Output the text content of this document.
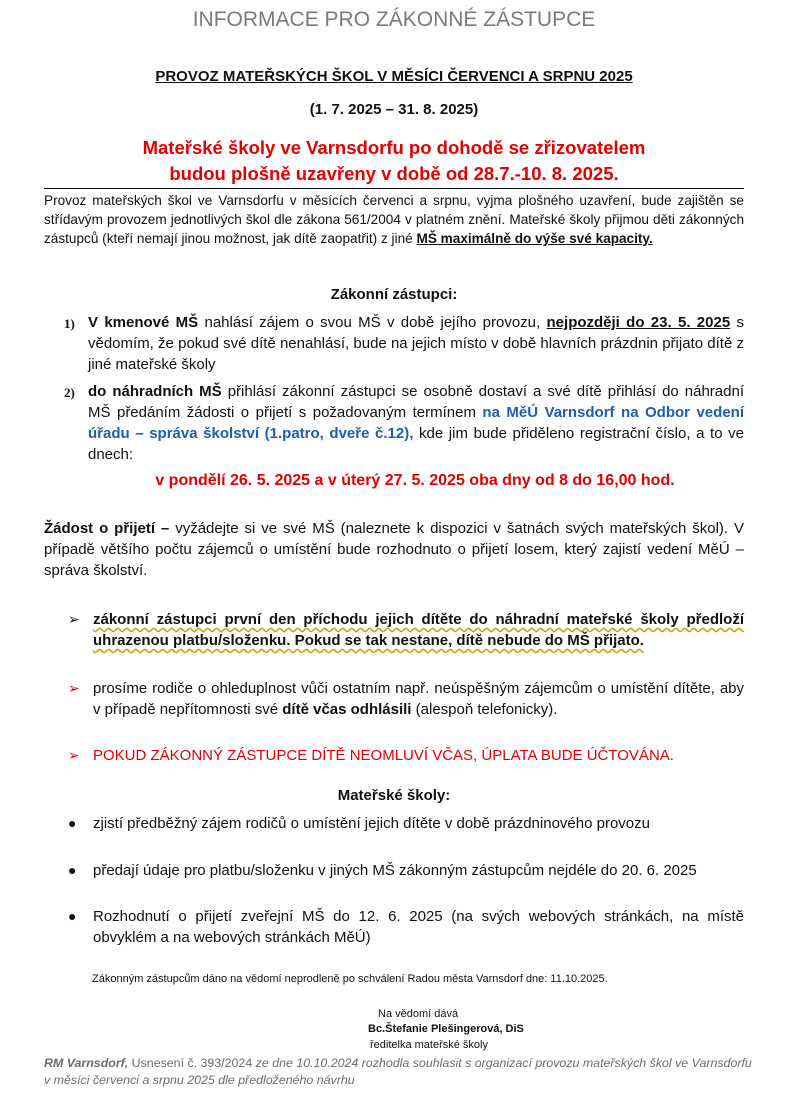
INFORMACE PRO ZÁKONNÉ ZÁSTUPCE
PROVOZ MATEŘSKÝCH ŠKOL V MĚSÍCI ČERVENCI A SRPNU 2025
(1. 7. 2025 – 31. 8. 2025)
Mateřské školy ve Varnsdorfu po dohodě se zřizovatelem
budou plošně uzavřeny v době od 28.7.-10. 8. 2025.
Provoz mateřských škol ve Varnsdorfu v měsících červenci a srpnu, vyjma plošného uzavření, bude zajištěn se střídavým provozem jednotlivých škol dle zákona 561/2004 v platném znění. Mateřské školy přijmou děti zákonných zástupců (kteří nemají jinou možnost, jak dítě zaopatřit) z jiné MŠ maximálně do výše své kapacity.
Zákonní zástupci:
1) V kmenové MŠ nahlásí zájem o svou MŠ v době jejího provozu, nejpozději do 23. 5. 2025 s vědomím, že pokud své dítě nenahlásí, bude na jejich místo v době hlavních prázdnin přijato dítě z jiné mateřské školy
2) do náhradních MŠ přihlásí zákonní zástupci se osobně dostaví a své dítě přihlásí do náhradní MŠ předáním žádosti o přijetí s požadovaným termínem na MěÚ Varnsdorf na Odbor vedení úřadu – správa školství (1.patro, dveře č.12), kde jim bude přiděleno registrační číslo, a to ve dnech:
v pondělí 26. 5. 2025 a v úterý 27. 5. 2025 oba dny od 8 do 16,00 hod.
Žádost o přijetí – vyžádejte si ve své MŠ (naleznete k dispozici v šatnách svých mateřských škol). V případě většího počtu zájemců o umístění bude rozhodnuto o přijetí losem, který zajistí vedení MěÚ – správa školství.
➢ zákonní zástupci první den příchodu jejich dítěte do náhradní mateřské školy předloží uhrazenou platbu/složenku. Pokud se tak nestane, dítě nebude do MŠ přijato.
➢ prosíme rodiče o ohleduplnost vůči ostatním např. neúspěšným zájemcům o umístění dítěte, aby v případě nepřítomnosti své dítě včas odhlásili (alespoň telefonicky).
➢ POKUD ZÁKONNÝ ZÁSTUPCE DÍTĚ NEOMLUVÍ VČAS, ÚPLATA BUDE ÚČTOVÁNA.
Mateřské školy:
●	zjistí předběžný zájem rodičů o umístění jejich dítěte v době prázdninového provozu
●	předají údaje pro platbu/složenku v jiných MŠ zákonným zástupcům nejdéle do 20. 6. 2025
●	Rozhodnutí o přijetí zveřejní MŠ do 12. 6. 2025 (na svých webových stránkách, na místě obvyklém a na webových stránkách MěÚ)
Zákonným zástupcům dáno na vědomí neprodleně po schválení Radou města Varnsdorf dne: 11.10.2025.
Na vědomí dává
Bc.Štefanie Plešingerová, DiS
ředitelka mateřské školy
RM Varnsdorf, Usnesení č. 393/2024 ze dne 10.10.2024 rozhodla souhlasit s organizací provozu mateřských škol ve Varnsdorfu v měsíci červenci a srpnu 2025 dle předloženého návrhu
